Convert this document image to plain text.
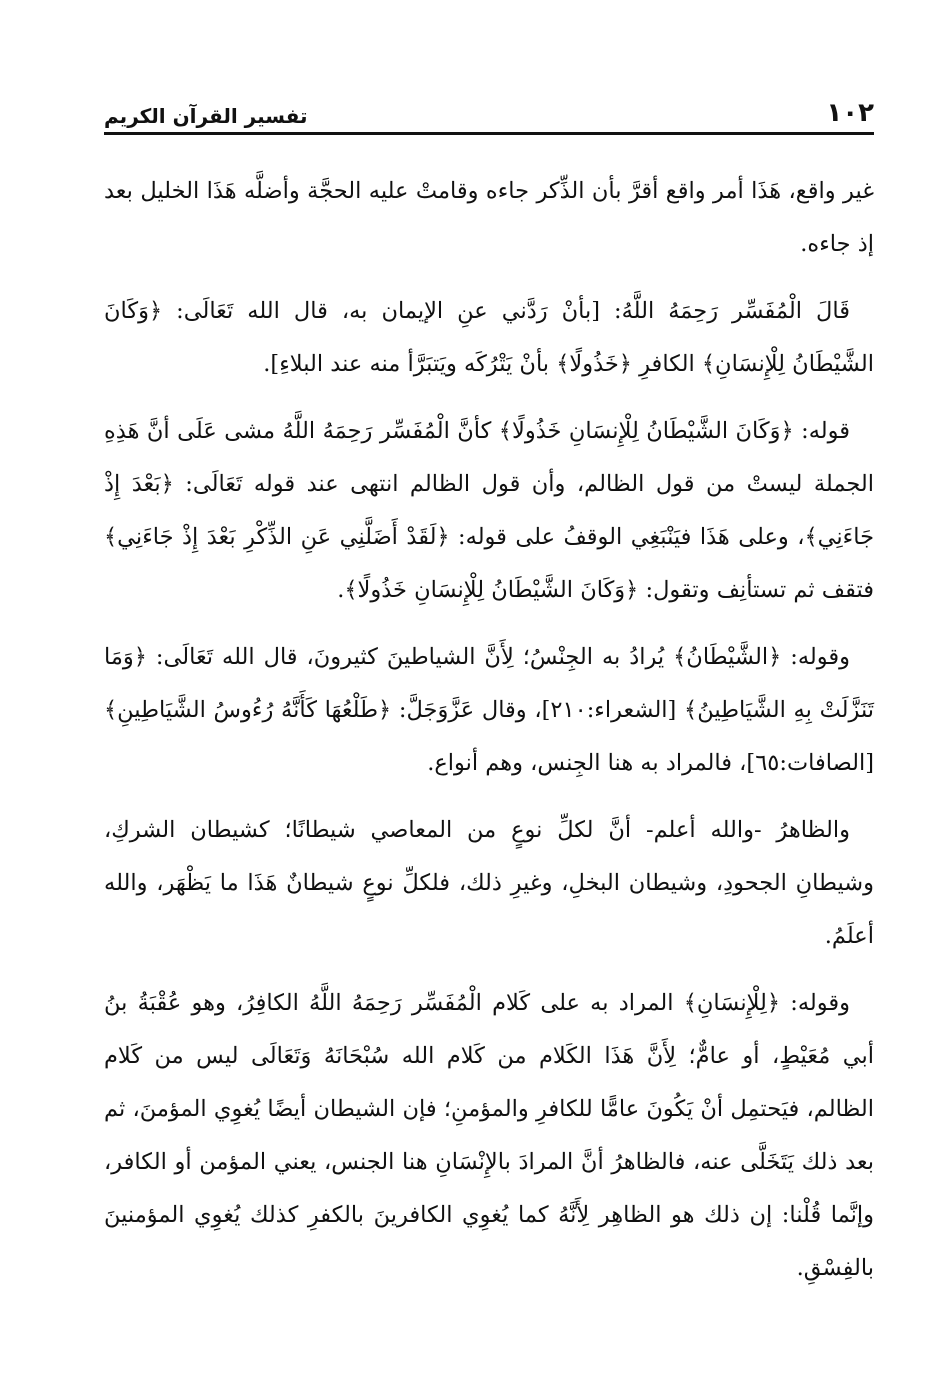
١٠٢
تفسير القرآن الكريم

غير واقع، هَذَا أمر واقع أقرَّ بأن الذِّكر جاءه وقامتْ عليه الحجَّة وأضلَّه هَذَا الخليل بعد إذ جاءه.

قَالَ الْمُفَسِّر رَحِمَهُ اللَّهُ: [بأنْ رَدَّني عنِ الإيمان به، قال الله تَعَالَى: ﴿وَكَانَ الشَّيْطَانُ لِلْإِنسَانِ﴾ الكافرِ ﴿خَذُولًا﴾ بأنْ يَتْرُكَه ويَتبَرَّأ منه عند البلاءِ].

قوله: ﴿وَكَانَ الشَّيْطَانُ لِلْإِنسَانِ خَذُولًا﴾ كأنَّ الْمُفَسِّر رَحِمَهُ اللَّهُ مشى عَلَى أنَّ هَذِهِ الجملة ليستْ من قول الظالم، وأن قول الظالم انتهى عند قوله تَعَالَى: ﴿بَعْدَ إِذْ جَاءَنِي﴾، وعلى هَذَا فيَنْبَغِي الوقفُ على قوله: ﴿لَقَدْ أَضَلَّنِي عَنِ الذِّكْرِ بَعْدَ إِذْ جَاءَنِي﴾ فتقف ثم تستأنِف وتقول: ﴿وَكَانَ الشَّيْطَانُ لِلْإِنسَانِ خَذُولًا﴾.

وقوله: ﴿الشَّيْطَانُ﴾ يُرادُ به الجِنْسُ؛ لِأَنَّ الشياطينَ كثيرونَ، قال الله تَعَالَى: ﴿وَمَا تَنَزَّلَتْ بِهِ الشَّيَاطِينُ﴾ [الشعراء:٢١٠]، وقال عَزَّوَجَلَّ: ﴿طَلْعُهَا كَأَنَّهُ رُءُوسُ الشَّيَاطِينِ﴾ [الصافات:٦٥]، فالمراد به هنا الجِنس، وهم أنواع.

والظاهرُ -والله أعلم- أنَّ لكلِّ نوعٍ من المعاصي شيطانًا؛ كشيطان الشركِ، وشيطانِ الجحودِ، وشيطان البخلِ، وغيرِ ذلك، فلكلِّ نوعٍ شيطانٌ هَذَا ما يَظْهَر، والله أعلَمُ.

وقوله: ﴿لِلْإِنسَانِ﴾ المراد به على كَلام الْمُفَسِّر رَحِمَهُ اللَّهُ الكافِرُ، وهو عُقْبَةُ بنُ أبي مُعَيْطٍ، أو عامٌّ؛ لِأَنَّ هَذَا الكَلام من كَلام الله سُبْحَانَهُ وَتَعَالَى ليس من كَلام الظالم، فيَحتمِل أنْ يَكُونَ عامًّا للكافرِ والمؤمنِ؛ فإن الشيطان أيضًا يُغوِي المؤمنَ، ثم بعد ذلك يَتَخَلَّى عنه، فالظاهرُ أنَّ المرادَ بالإِنْسَانِ هنا الجنس، يعني المؤمن أو الكافر، وإنَّما قُلْنا: إن ذلك هو الظاهِر لِأَنَّهُ كما يُغوِي الكافرينَ بالكفرِ كذلك يُغوِي المؤمنينَ بالفِسْقِ.
